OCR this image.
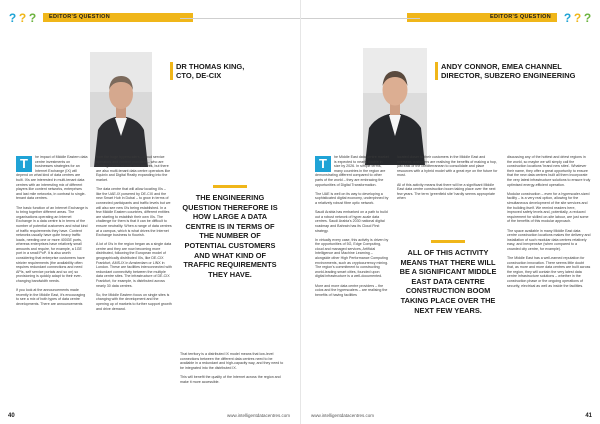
? ? ?	EDITOR'S QUESTION
DR THOMAS KING,
CTO, DE-CIX
T	he impact of Middle Eastern data centre investments on businesses strategies for an Internet Exchange (IX) will depend on what kind of data centres are built. IXs are interested in multi-tenant data centres with an interesting mix of different players like content networks, enterprises and last mile networks, in contrast to single-tenant data centres.

The basic function of an Internet Exchange is to bring together different areas. The organisations operating an Internet Exchange in a data centre is in terms of the number of potential customers and what kind of traffic requirements they have. Content networks usually have quite heavy traffic loads, needing one or more 400GE ports, whereas enterprises have relatively small amounts and require, for example, a 1GE port in a small PoP. It is also worth considering that enterprise customers have stricter requirements (the availability often requires redundant connections and need APIs, self service portals and so on) so provisioning is quickly adapt to their ever-changing bandwidth needs.

If you look at the announcements made recently in the Middle East, it's encouraging to see a mix of both types of data centre developments. There are announcements

from the huge hyperscalers – cloud service operators and content providers – who are building carrier-neutral data centres, but there are also multi-tenant data centre operators like Equinix and Digital Realty expanding into the market.

The data centre that will allow locating IXs – like the UAE-IX powered by DE-CIX and the new Smart Hub in Dubai – to grow in terms of connected participants and traffic levels but we will also see new IXs being established. In a few Middle Eastern countries, different entities are starting to establish their own IXs. The challenge for them is that it can be difficult to ensure neutrality. When a range of data centres at a campus, which is what drives the Internet Exchange business to flourish.

A lot of IXs in the region began as a single data centre and they are now becoming more distributed, following the European model of geographically distributed IXs, like DE-CIX Frankfurt, AMS-IX in Amsterdam or LINX in London. These are facilities interconnected with redundant connectivity between the multiple data centre sites. The infrastructure of DE-CIX Frankfurt, for example, is distributed across nearly 30 data centres.

So, the Middle Eastern focus on single sites is changing with the development and the opening up of markets to further support growth and drive demand.

THE ENGINEERING QUESTION THEREFORE IS HOW LARGE A DATA CENTRE IS IN TERMS OF THE NUMBER OF POTENTIAL CUSTOMERS AND WHAT KIND OF TRAFFIC REQUIREMENTS THEY HAVE.

That territory is a distributed IX model means that low-level connections between the different data centres need to be available in a redundant and high-capacity way, and they need to be integrated into the distributed IX.

This will benefit the quality of the Internet across the region and make it more accessible.

40	www.intelligentdatacentres.com
EDITOR'S QUESTION	? ? ?
ANDY CONNOR, EMEA CHANNEL
DIRECTOR, SUBZERO ENGINEERING
T	he Middle East data centre market is expected to nearly double in size by 2026. In simple terms, many countries in the region are demonstrating different compared to other parts of the world – they are embracing the opportunities of Digital Transformation.

The UAE is well on its way to developing a sophisticated digital economy, underpinned by a relatively robust fibre optic network.

Saudi Arabia has embarked on a path to build out a robust network of hyper-scale data centres. Saudi Arabia's 2030 national digital roadmap and Bahrain has its Cloud First strategy.

In virtually every case, this activity is driven by the opportunities of 5G, Edge Computing, cloud and managed services, Artificial Intelligence and Machine Learning – alongside other High Performance Computing environments, such as cryptocurrency mining. The region's commitment to constructing world-leading smart cities, founded upon digital infrastructure is a well-documented.

More and more data centre providers – the colos and the hyperscalers – are realising the benefits of having facilities

located closer to their customers in the Middle East and overseas customers are realising the benefits of making a hop, just east of the Mediterranean to consolidate and place resources with a hybrid model with a great eye on the future for most.

All of this activity means that there will be a significant Middle East data centre construction boom taking place over the next few years. The term 'greenfield site' hardly seems appropriate when

ALL OF THIS ACTIVITY MEANS THAT THERE WILL BE A SIGNIFICANT MIDDLE EAST DATA CENTRE CONSTRUCTION BOOM TAKING PLACE OVER THE NEXT FEW YEARS.

discussing any of the hottest and driest regions in the world, so maybe we will simply call the construction locations 'brand new sites'. Whatever their name, they offer a great opportunity to ensure that the new data centres built all them incorporate the very latest infrastructure solutions to ensure truly optimised energy-efficient operation.

Modular construction – even for a hyperscaler-sized facility – is a very real option, allowing for the simultaneous development of the site services and the building itself. We remind readers here, improved safety levels and, potentially, a reduced requirement for skilled on-site labour, are just some of the benefits of this modular approach.

The space available in many Middle East data centre construction locations makes the delivery and installation of such modular data centres relatively easy, and inexpensive (when compared to a crowded city centre, for example).

The Middle East has a well-earned reputation for construction innovation. There seems little doubt that, as more and more data centres are built across the region, they will contain the very latest data centre infrastructure solutions – whether in the construction phase or the ongoing operations of security, electrical as well as inside the facilities.

www.intelligentdatacentres.com	41
